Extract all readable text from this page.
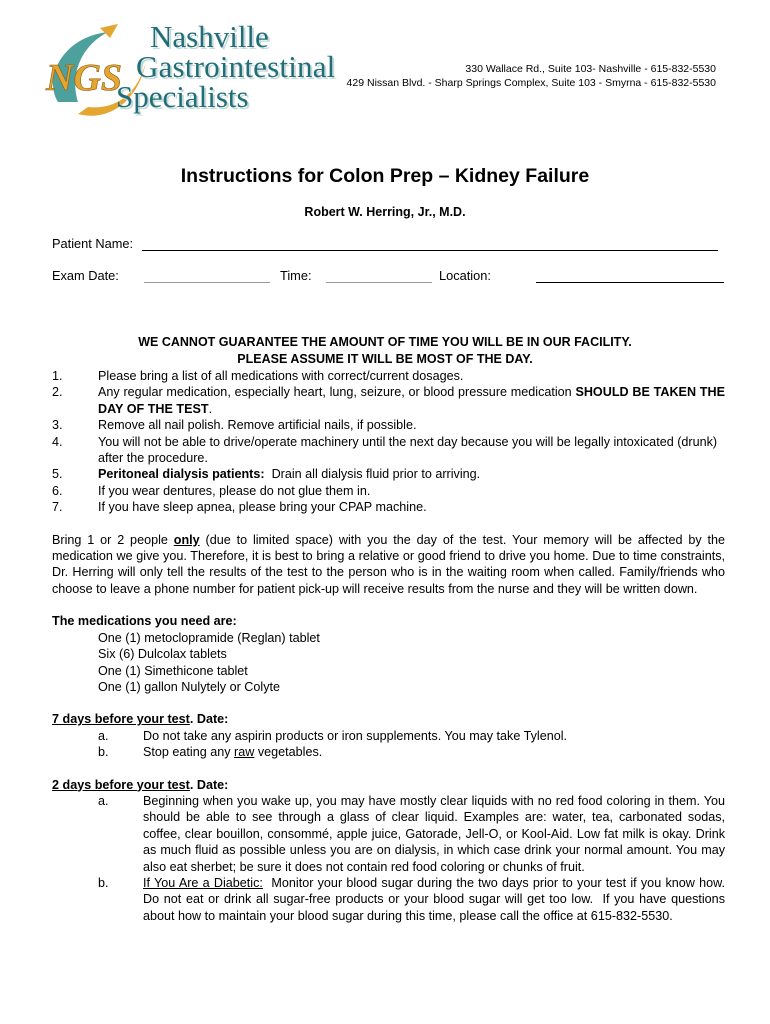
NGS
Nashville
Gastrointestinal
Specialists
330 Wallace Rd., Suite 103- Nashville - 615-832-5530
429 Nissan Blvd. - Sharp Springs Complex, Suite 103 - Smyrna - 615-832-5530
Instructions for Colon Prep – Kidney Failure
Robert W. Herring, Jr., M.D.
Patient Name:
Exam Date:	Time:	Location:
WE CANNOT GUARANTEE THE AMOUNT OF TIME YOU WILL BE IN OUR FACILITY.
PLEASE ASSUME IT WILL BE MOST OF THE DAY.
1.	Please bring a list of all medications with correct/current dosages.
2.	Any regular medication, especially heart, lung, seizure, or blood pressure medication SHOULD BE TAKEN THE DAY OF THE TEST.
3.	Remove all nail polish. Remove artificial nails, if possible.
4.	You will not be able to drive/operate machinery until the next day because you will be legally intoxicated (drunk) after the procedure.
5.	Peritoneal dialysis patients:  Drain all dialysis fluid prior to arriving.
6.	If you wear dentures, please do not glue them in.
7.	If you have sleep apnea, please bring your CPAP machine.
Bring 1 or 2 people only (due to limited space) with you the day of the test. Your memory will be affected by the medication we give you. Therefore, it is best to bring a relative or good friend to drive you home. Due to time constraints, Dr. Herring will only tell the results of the test to the person who is in the waiting room when called. Family/friends who choose to leave a phone number for patient pick-up will receive results from the nurse and they will be written down.
The medications you need are:
One (1) metoclopramide (Reglan) tablet
Six (6) Dulcolax tablets
One (1) Simethicone tablet
One (1) gallon Nulytely or Colyte
7 days before your test. Date:
a.	Do not take any aspirin products or iron supplements. You may take Tylenol.
b.	Stop eating any raw vegetables.
2 days before your test. Date:
a.	Beginning when you wake up, you may have mostly clear liquids with no red food coloring in them. You should be able to see through a glass of clear liquid. Examples are: water, tea, carbonated sodas, coffee, clear bouillon, consommé, apple juice, Gatorade, Jell-O, or Kool-Aid. Low fat milk is okay. Drink as much fluid as possible unless you are on dialysis, in which case drink your normal amount. You may also eat sherbet; be sure it does not contain red food coloring or chunks of fruit.
b.	If You Are a Diabetic:  Monitor your blood sugar during the two days prior to your test if you know how.  Do not eat or drink all sugar-free products or your blood sugar will get too low.  If you have questions about how to maintain your blood sugar during this time, please call the office at 615-832-5530.
